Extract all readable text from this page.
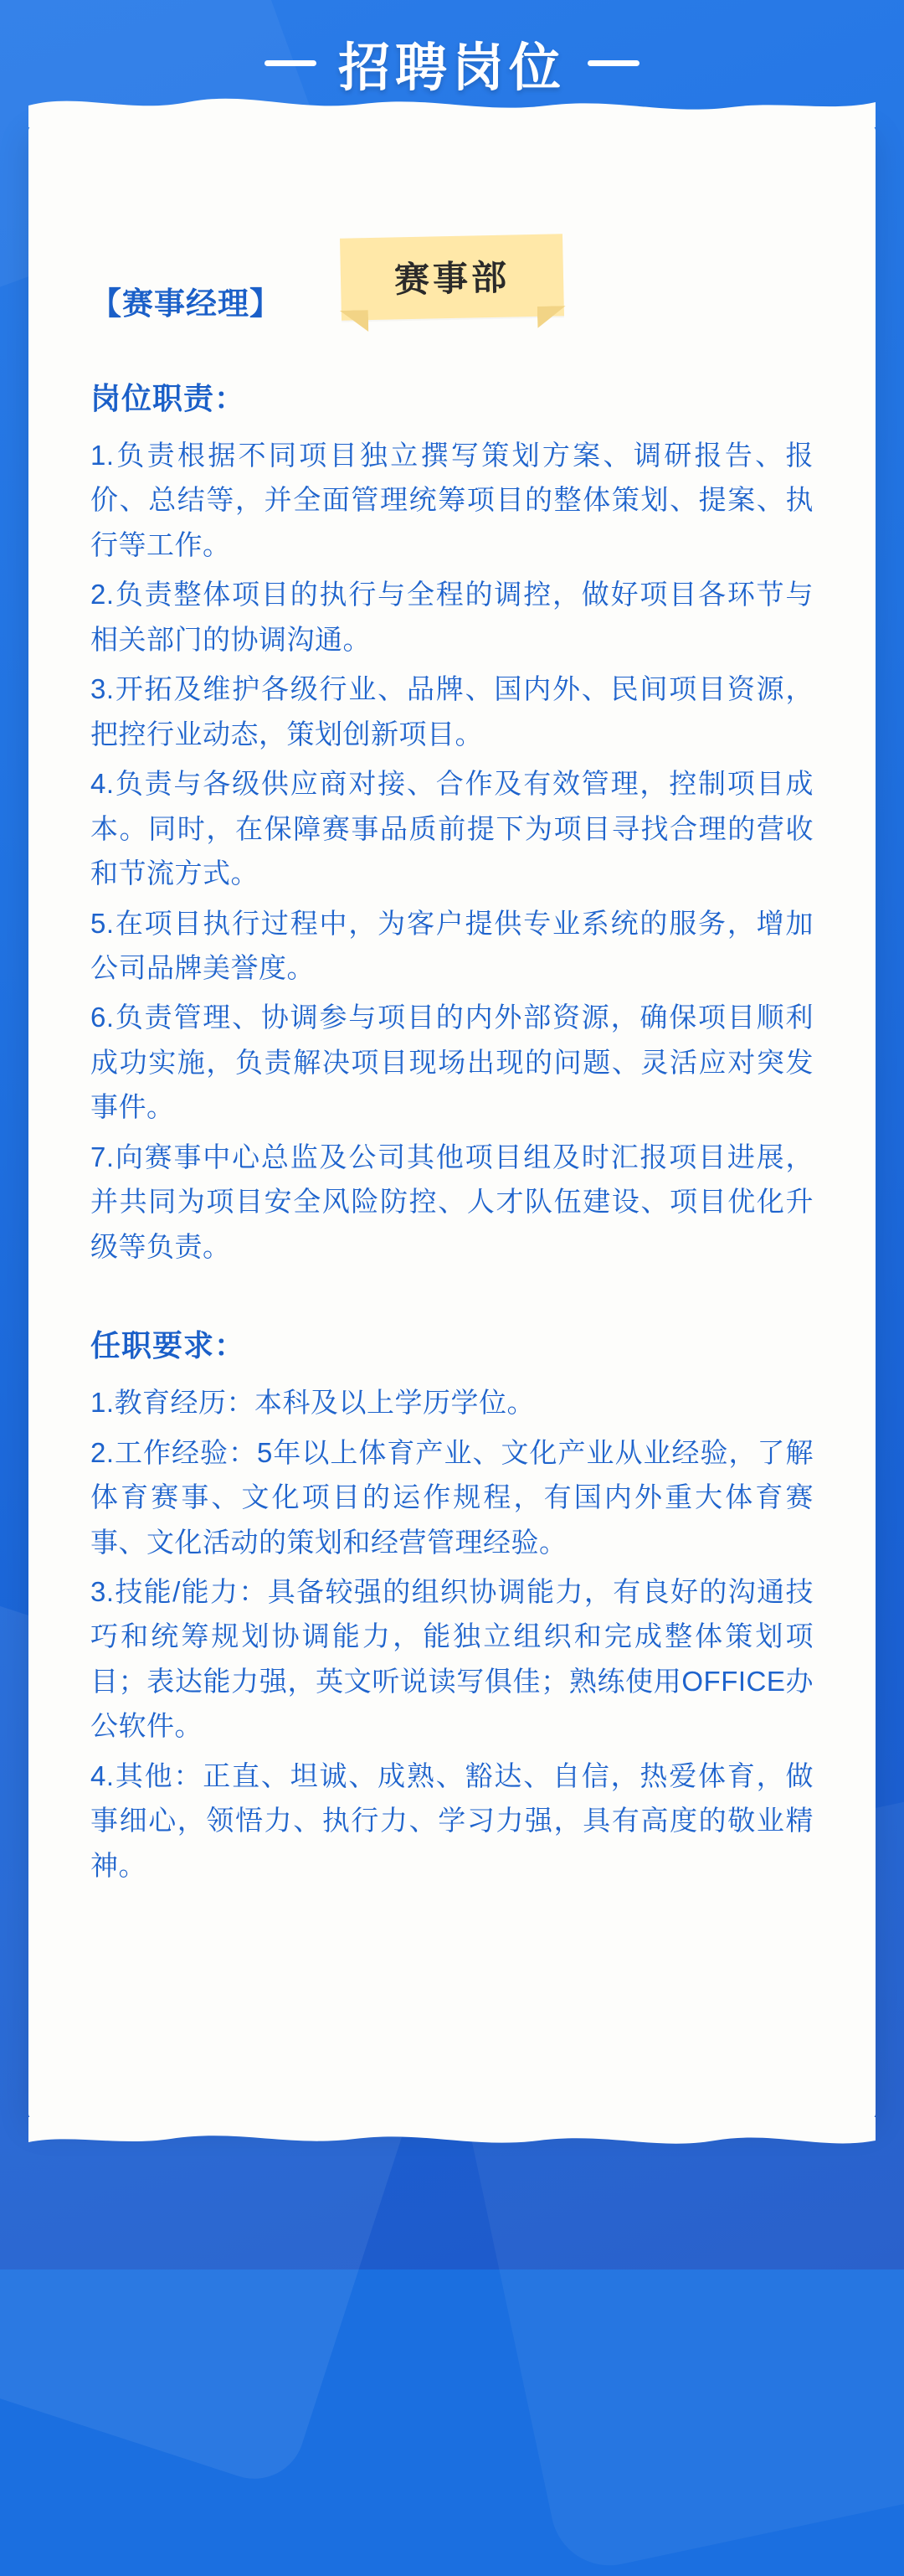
招聘岗位
赛事部
【赛事经理】
岗位职责：

1.负责根据不同项目独立撰写策划方案、调研报告、报价、总结等，并全面管理统筹项目的整体策划、提案、执行等工作。

2.负责整体项目的执行与全程的调控，做好项目各环节与相关部门的协调沟通。

3.开拓及维护各级行业、品牌、国内外、民间项目资源，把控行业动态，策划创新项目。

4.负责与各级供应商对接、合作及有效管理，控制项目成本。同时，在保障赛事品质前提下为项目寻找合理的营收和节流方式。

5.在项目执行过程中，为客户提供专业系统的服务，增加公司品牌美誉度。

6.负责管理、协调参与项目的内外部资源，确保项目顺利成功实施，负责解决项目现场出现的问题、灵活应对突发事件。

7.向赛事中心总监及公司其他项目组及时汇报项目进展，并共同为项目安全风险防控、人才队伍建设、项目优化升级等负责。

任职要求：

1.教育经历：本科及以上学历学位。

2.工作经验：5年以上体育产业、文化产业从业经验，了解体育赛事、文化项目的运作规程，有国内外重大体育赛事、文化活动的策划和经营管理经验。

3.技能/能力：具备较强的组织协调能力，有良好的沟通技巧和统筹规划协调能力，能独立组织和完成整体策划项目；表达能力强，英文听说读写俱佳；熟练使用OFFICE办公软件。

4.其他：正直、坦诚、成熟、豁达、自信，热爱体育，做事细心，领悟力、执行力、学习力强，具有高度的敬业精神。
